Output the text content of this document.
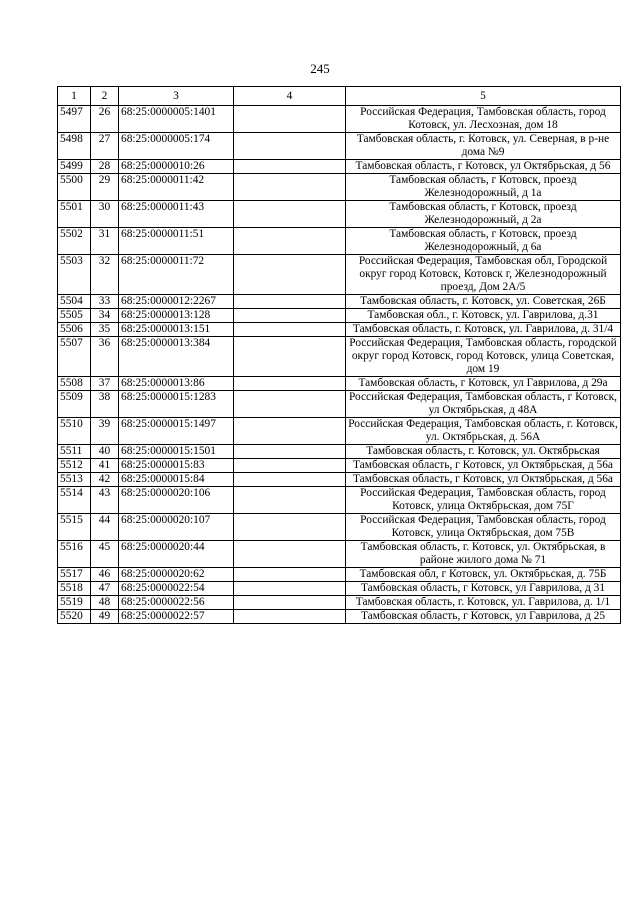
245
1	2	3	4	5
5497	26	68:25:0000005:1401		Российская Федерация, Тамбовская область, город Котовск, ул. Лесхозная, дом 18
5498	27	68:25:0000005:174		Тамбовская область, г. Котовск, ул. Северная, в р-не дома №9
5499	28	68:25:0000010:26		Тамбовская область, г Котовск, ул Октябрьская, д 56
5500	29	68:25:0000011:42		Тамбовская область, г Котовск, проезд Железнодорожный, д 1а
5501	30	68:25:0000011:43		Тамбовская область, г Котовск, проезд Железнодорожный, д 2а
5502	31	68:25:0000011:51		Тамбовская область, г Котовск, проезд Железнодорожный, д 6а
5503	32	68:25:0000011:72		Российская Федерация, Тамбовская обл, Городской округ город Котовск, Котовск г, Железнодорожный проезд, Дом 2А/5
5504	33	68:25:0000012:2267		Тамбовская область, г. Котовск, ул. Советская, 26Б
5505	34	68:25:0000013:128		Тамбовская обл., г. Котовск, ул. Гаврилова, д.31
5506	35	68:25:0000013:151		Тамбовская область, г. Котовск, ул. Гаврилова, д. 31/4
5507	36	68:25:0000013:384		Российская Федерация, Тамбовская область, городской округ город Котовск, город Котовск, улица Советская, дом 19
5508	37	68:25:0000013:86		Тамбовская область, г Котовск, ул Гаврилова, д 29а
5509	38	68:25:0000015:1283		Российская Федерация, Тамбовская область, г Котовск, ул Октябрьская, д 48А
5510	39	68:25:0000015:1497		Российская Федерация, Тамбовская область, г. Котовск, ул. Октябрьская, д. 56А
5511	40	68:25:0000015:1501		Тамбовская область, г. Котовск, ул. Октябрьская
5512	41	68:25:0000015:83		Тамбовская область, г Котовск, ул Октябрьская, д 56а
5513	42	68:25:0000015:84		Тамбовская область, г Котовск, ул Октябрьская, д 56а
5514	43	68:25:0000020:106		Российская Федерация, Тамбовская область, город Котовск, улица Октябрьская, дом 75Г
5515	44	68:25:0000020:107		Российская Федерация, Тамбовская область, город Котовск, улица Октябрьская, дом 75В
5516	45	68:25:0000020:44		Тамбовская область, г. Котовск, ул. Октябрьская, в районе жилого дома № 71
5517	46	68:25:0000020:62		Тамбовская обл, г Котовск, ул. Октябрьская, д. 75Б
5518	47	68:25:0000022:54		Тамбовская область, г Котовск, ул Гаврилова, д 31
5519	48	68:25:0000022:56		Тамбовская область, г. Котовск, ул. Гаврилова, д. 1/1
5520	49	68:25:0000022:57		Тамбовская область, г Котовск, ул Гаврилова, д 25
